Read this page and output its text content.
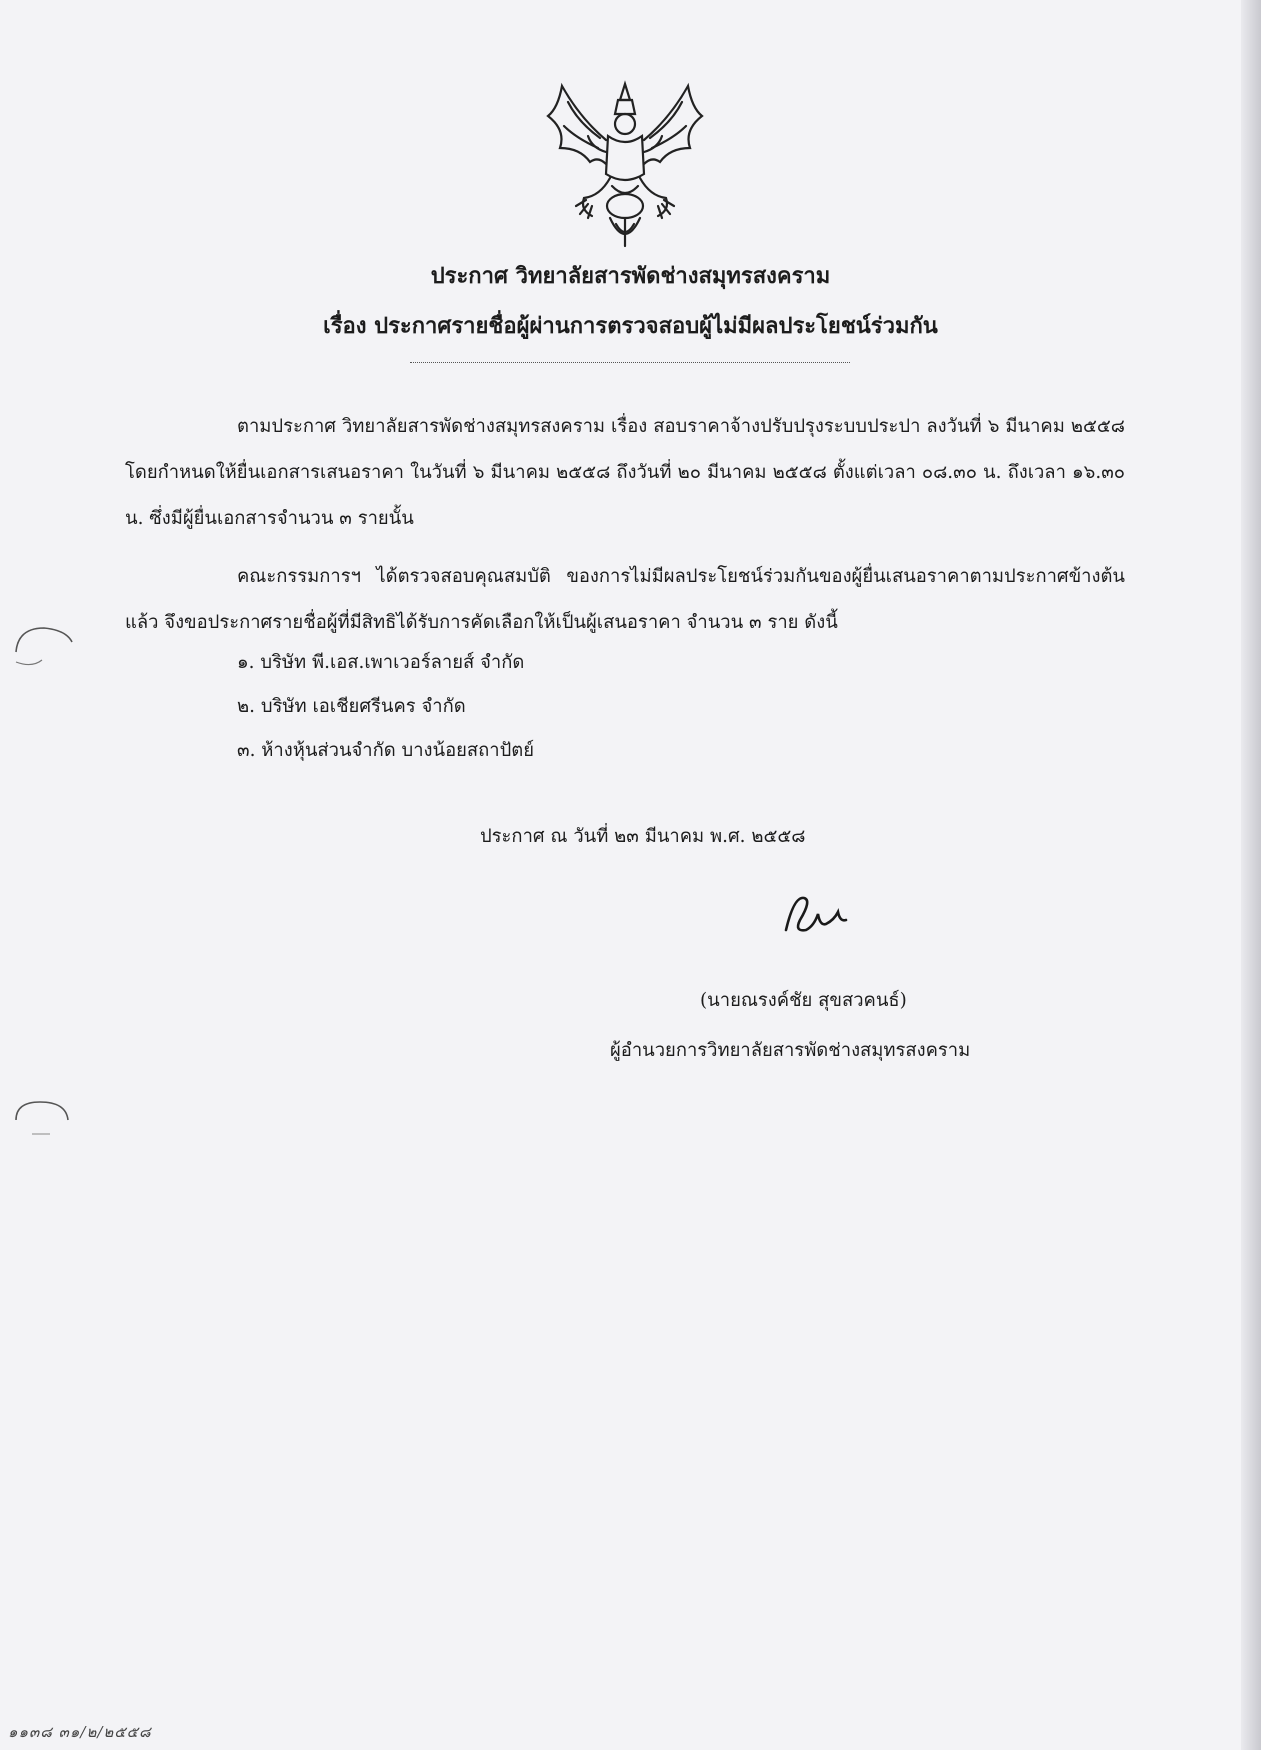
ประกาศ วิทยาลัยสารพัดช่างสมุทรสงคราม
เรื่อง ประกาศรายชื่อผู้ผ่านการตรวจสอบผู้ไม่มีผลประโยชน์ร่วมกัน
ตามประกาศ วิทยาลัยสารพัดช่างสมุทรสงคราม เรื่อง สอบราคาจ้างปรับปรุงระบบประปา ลงวันที่ ๖ มีนาคม ๒๕๕๘ โดยกำหนดให้ยื่นเอกสารเสนอราคา ในวันที่ ๖ มีนาคม ๒๕๕๘ ถึงวันที่ ๒๐ มีนาคม ๒๕๕๘ ตั้งแต่เวลา ๐๘.๓๐ น. ถึงเวลา ๑๖.๓๐ น. ซึ่งมีผู้ยื่นเอกสารจำนวน ๓ รายนั้น
คณะกรรมการฯ ได้ตรวจสอบคุณสมบัติ ของการไม่มีผลประโยชน์ร่วมกันของผู้ยื่นเสนอราคาตามประกาศข้างต้นแล้ว จึงขอประกาศรายชื่อผู้ที่มีสิทธิได้รับการคัดเลือกให้เป็นผู้เสนอราคา จำนวน ๓ ราย ดังนี้
๑. บริษัท พี.เอส.เพาเวอร์ลายส์ จำกัด
๒. บริษัท เอเชียศรีนคร จำกัด
๓. ห้างหุ้นส่วนจำกัด บางน้อยสถาปัตย์
ประกาศ ณ วันที่ ๒๓ มีนาคม พ.ศ. ๒๕๕๘
(นายณรงค์ชัย สุขสวคนธ์)
ผู้อำนวยการวิทยาลัยสารพัดช่างสมุทรสงคราม
๑๑๓๘ ๓๑/๒/๒๕๕๘
